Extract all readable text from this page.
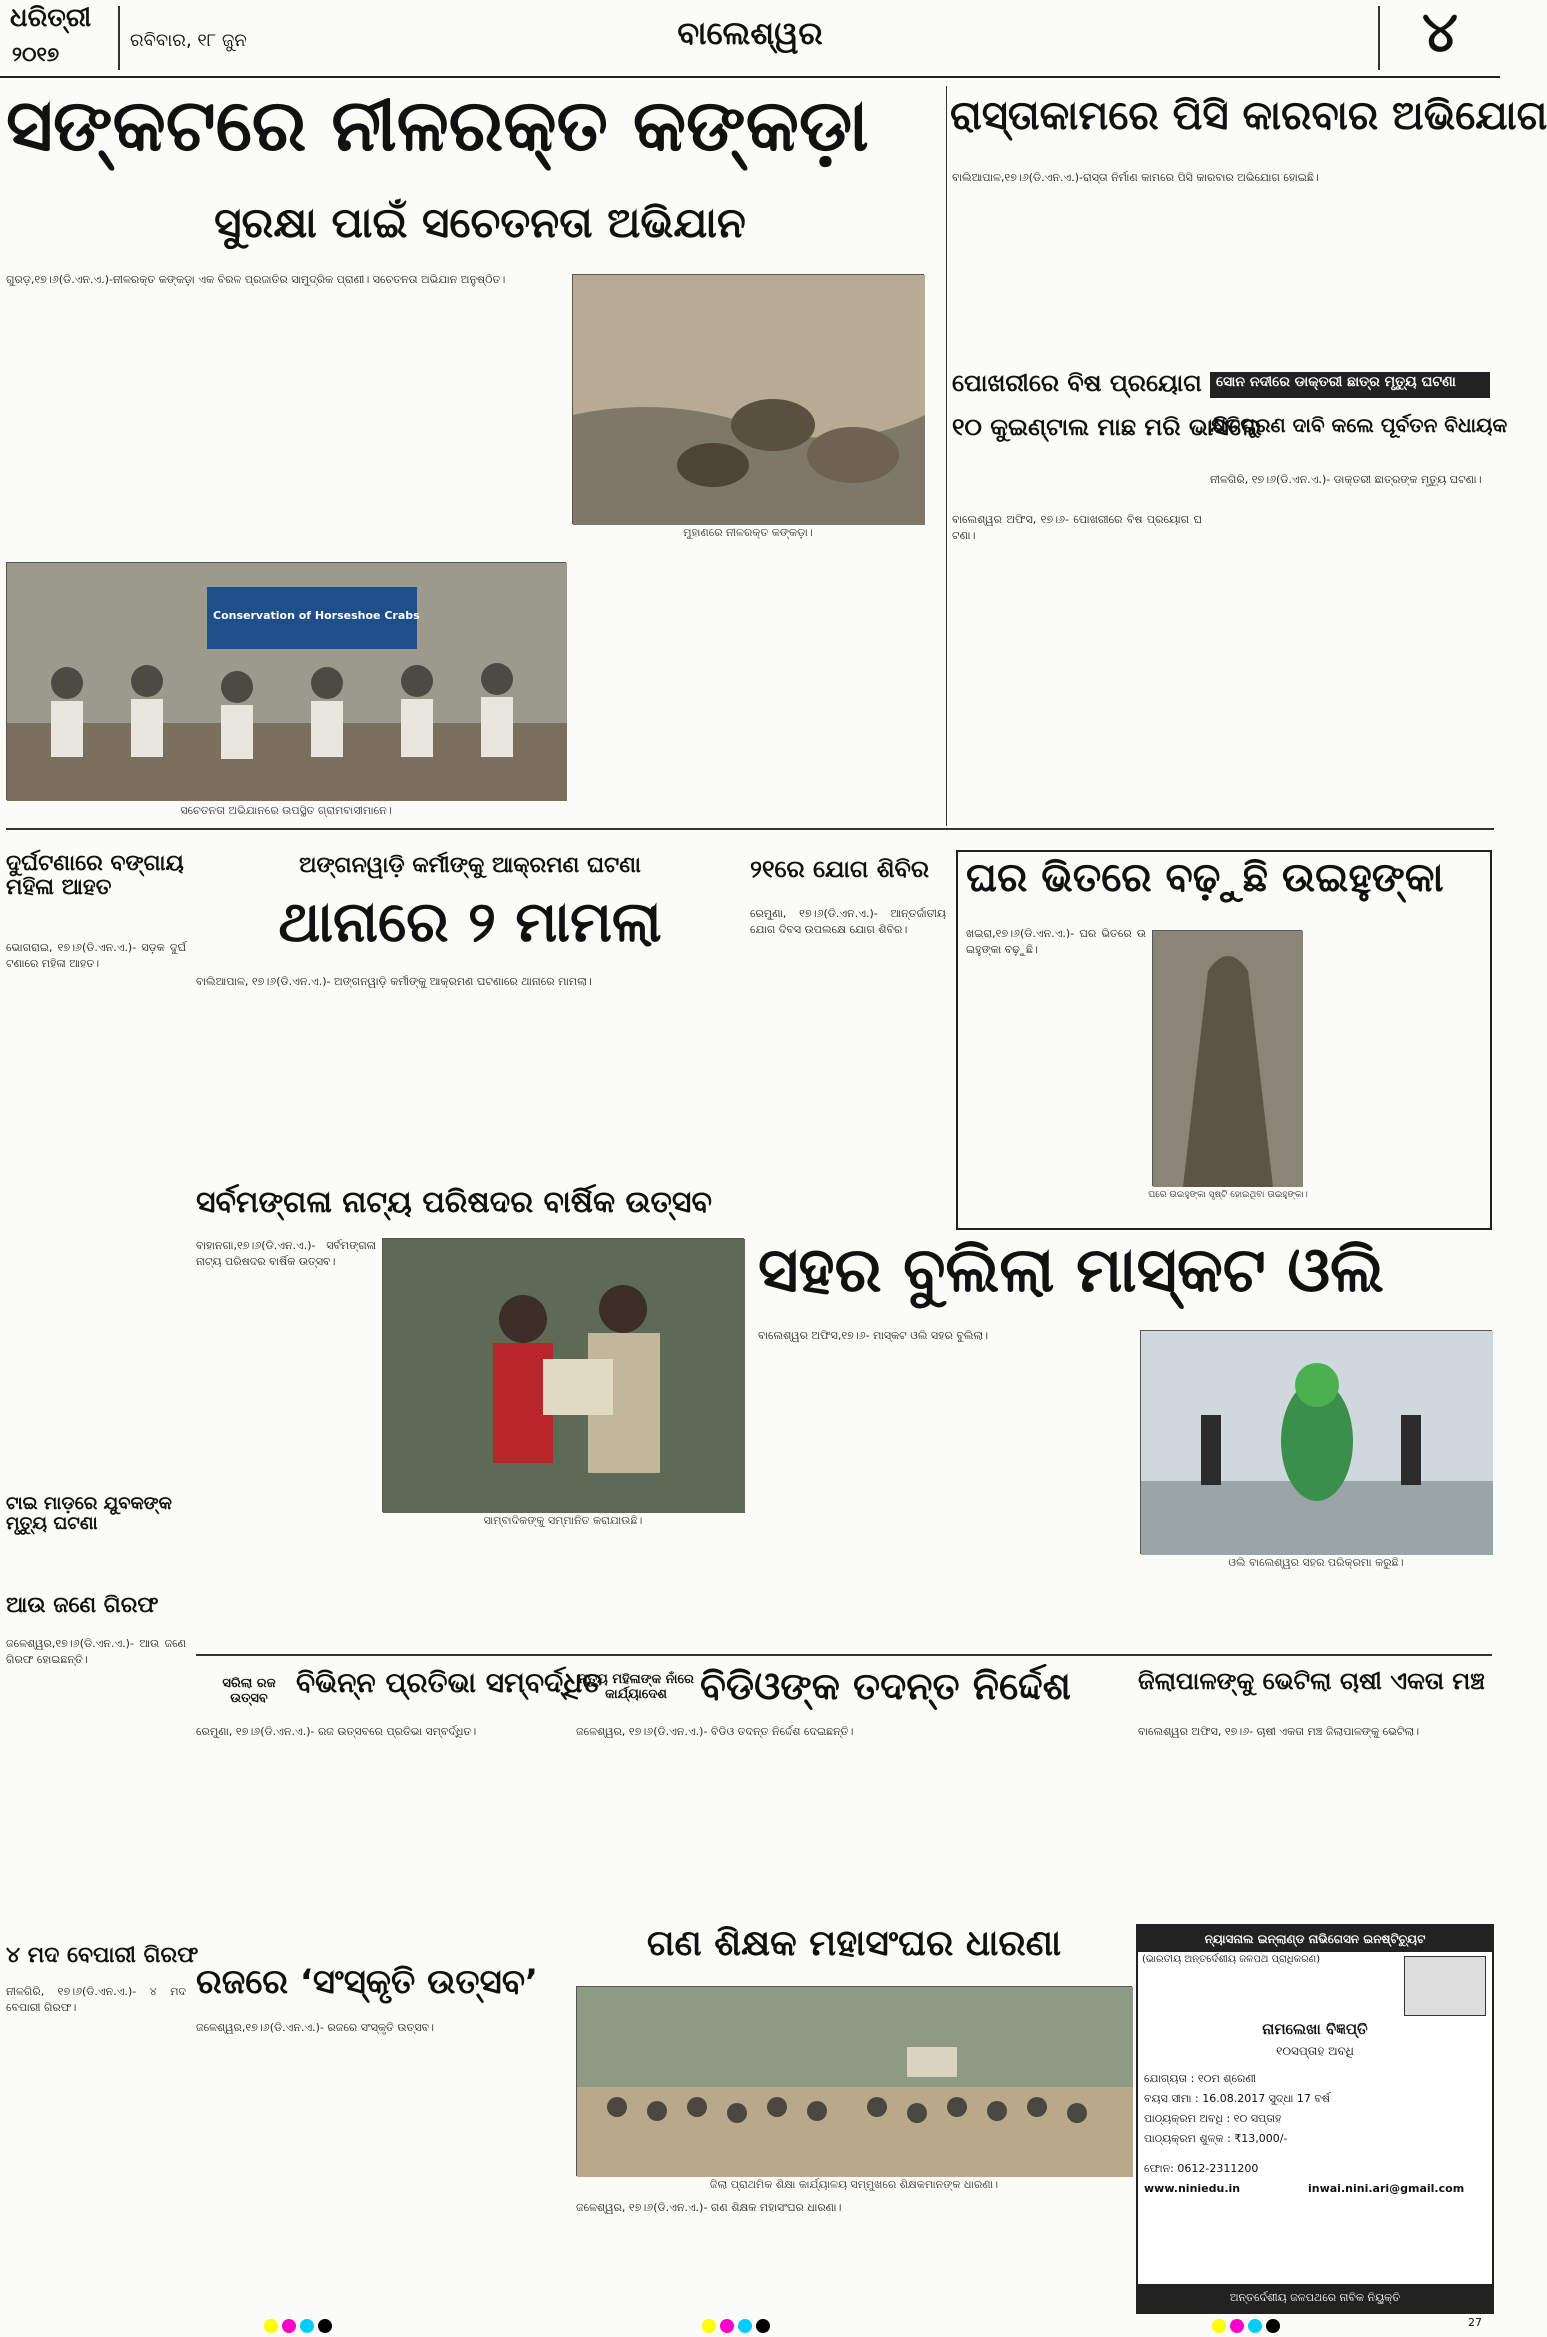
ଧରିତ୍ରୀ
୨୦୧୭
ରବିବାର, ୧୮ ଜୁନ	ବାଲେଶ୍ୱର	୪
ସଙ୍କଟରେ ନୀଳରକ୍ତ କଙ୍କଡ଼ା
ସୁରକ୍ଷା ପାଇଁ ସଚେତନତା ଅଭିଯାନ
ଗୁରଡ଼,୧୭।୬(ଡି.ଏନ.ଏ.)-ନୀଳରକ୍ତ କଙ୍କଡ଼ା ଏକ ବିରଳ ପ୍ରଜାତିର ସାମୁଦ୍ରିକ ପ୍ରାଣୀ। ସଚେତନତା ଅଭିଯାନ ଅନୁଷ୍ଠିତ।
ମୁହାଣରେ ନୀଳରକ୍ତ କଙ୍କଡ଼ା।
Conservation of Horseshoe Crabs
ସଚେତନତା ଅଭିଯାନରେ ଉପସ୍ଥିତ ଗ୍ରାମବାସୀମାନେ।
ରାସ୍ତାକାମରେ ପିସି କାରବାର ଅଭିଯୋଗ
ବାଲିଆପାଳ,୧୭।୬(ଡି.ଏନ.ଏ.)-ରାସ୍ତା ନିର୍ମାଣ କାମରେ ପିସି କାରବାର ଅଭିଯୋଗ ହୋଇଛି।
ପୋଖରୀରେ ବିଷ ପ୍ରୟୋଗ
୧୦ କୁଇଣ୍ଟାଲ ମାଛ ମରି ଭାସିଲେ
ବାଲେଶ୍ୱର ଅଫିସ, ୧୭।୬- ପୋଖରୀରେ ବିଷ ପ୍ରୟୋଗ ଘଟଣା।
ସୋନ ନଦୀରେ ଡାକ୍ତରୀ ଛାତ୍ର ମୃତ୍ୟୁ ଘଟଣା
କ୍ଷତିପୂରଣ ଦାବି କଲେ ପୂର୍ବତନ ବିଧାୟକ
ନୀଳଗିରି, ୧୭।୬(ଡି.ଏନ.ଏ.)- ଡାକ୍ତରୀ ଛାତ୍ରଙ୍କ ମୃତ୍ୟୁ ଘଟଣା।
ଦୁର୍ଘଟଣାରେ ବଙ୍ଗାୟ ମହିଳା ଆହତ
ଭୋଗରାଇ, ୧୭।୬(ଡି.ଏନ.ଏ.)- ସଡ଼କ ଦୁର୍ଘଟଣାରେ ମହିଳା ଆହତ।
ଅଙ୍ଗନୱାଡ଼ି କର୍ମୀଙ୍କୁ ଆକ୍ରମଣ ଘଟଣା
ଥାନାରେ ୨ ମାମଲା
ବାଲିଆପାଳ, ୧୭।୬(ଡି.ଏନ.ଏ.)- ଅଙ୍ଗନୱାଡ଼ି କର୍ମୀଙ୍କୁ ଆକ୍ରମଣ ଘଟଣାରେ ଥାନାରେ ମାମଲା।
୨୧ରେ ଯୋଗ ଶିବିର
ରେମୁଣା, ୧୭।୬(ଡି.ଏନ.ଏ.)- ଆନ୍ତର୍ଜାତୀୟ ଯୋଗ ଦିବସ ଉପଲକ୍ଷେ ଯୋଗ ଶିବିର।
ଘର ଭିତରେ ବଢ଼ୁଛି ଉଇହୁଙ୍କା
ଖଇରା,୧୭।୬(ଡି.ଏନ.ଏ.)- ଘର ଭିତରେ ଉଇହୁଙ୍କା ବଢ଼ୁଛି।
ଘରେ ଉଇହୁଙ୍କା ସୃଷ୍ଟି ହୋଇଥିବା ଉଇହୁଙ୍କା।
ସର୍ବମଙ୍ଗଳା ନାଟ୍ୟ ପରିଷଦର ବାର୍ଷିକ ଉତ୍ସବ
ବାହାନଗା,୧୭।୬(ଡି.ଏନ.ଏ.)- ସର୍ବମଙ୍ଗଳା ନାଟ୍ୟ ପରିଷଦର ବାର୍ଷିକ ଉତ୍ସବ।
ସାମ୍ବାଦିକଙ୍କୁ ସମ୍ମାନିତ କରାଯାଉଛି।
ସହର ବୁଲିଲା ମାସ୍କଟ ଓଲି
ବାଲେଶ୍ୱର ଅଫିସ,୧୭।୬- ମାସ୍କଟ ଓଲି ସହର ବୁଲିଲା।
ଓଲି ବାଲେଶ୍ୱର ସହର ପରିକ୍ରମା କରୁଛି।
ଟାଇ ମାଡ଼ରେ ଯୁବକଙ୍କ ମୃତ୍ୟୁ ଘଟଣା
ଆଉ ଜଣେ ଗିରଫ
ଜଳେଶ୍ୱର,୧୭।୬(ଡି.ଏନ.ଏ.)- ଆଉ ଜଣେ ଗିରଫ ହୋଇଛନ୍ତି।
ସରିଲା ରଜ ଉତ୍ସବ	ବିଭିନ୍ନ ପ୍ରତିଭା ସମ୍ବର୍ଦ୍ଧିତ
ରେମୁଣା, ୧୭।୬(ଡି.ଏନ.ଏ.)- ରଜ ଉତ୍ସବରେ ପ୍ରତିଭା ସମ୍ବର୍ଦ୍ଧିତ।
ମୃତ୍ୟୁ ମହିଳାଙ୍କ ନାଁରେ କାର୍ଯ୍ୟାଦେଶ ବିଡିଓଙ୍କ ତଦନ୍ତ ନିର୍ଦ୍ଦେଶ
ଜଳେଶ୍ୱର, ୧୭।୬(ଡି.ଏନ.ଏ.)- ବିଡିଓ ତଦନ୍ତ ନିର୍ଦ୍ଦେଶ ଦେଇଛନ୍ତି।
ଜିଲାପାଳଙ୍କୁ ଭେଟିଲା ଚାଷୀ ଏକତା ମଞ୍ଚ
ବାଲେଶ୍ୱର ଅଫିସ, ୧୭।୬- ଚାଷୀ ଏକତା ମଞ୍ଚ ଜିଲାପାଳଙ୍କୁ ଭେଟିଲା।
ଗଣ ଶିକ୍ଷକ ମହାସଂଘର ଧାରଣା
ଜିଲା ପ୍ରାଥମିକ ଶିକ୍ଷା କାର୍ଯ୍ୟାଳୟ ସମ୍ମୁଖରେ ଶିକ୍ଷକମାନଙ୍କ ଧାରଣା।
ଜଳେଶ୍ୱର, ୧୭।୬(ଡି.ଏନ.ଏ.)- ଗଣ ଶିକ୍ଷକ ମହାସଂଘର ଧାରଣା।
୪ ମଦ ବେପାରୀ ଗିରଫ
ନୀଳଗିରି, ୧୭।୬(ଡି.ଏନ.ଏ.)- ୪ ମଦ ବେପାରୀ ଗିରଫ।
ରଜରେ ‘ସଂସ୍କୃତି ଉତ୍ସବ’
ଜଳେଶ୍ୱର,୧୭।୬(ଡି.ଏନ.ଏ.)- ରଜରେ ସଂସ୍କୃତି ଉତ୍ସବ।
ନ୍ୟାସନାଲ ଇନ୍ଲାଣ୍ଡ ନାଭିଗେସନ ଇନଷ୍ଟିଚ୍ୟୁଟ
(ଭାରତୀୟ ଅନ୍ତର୍ଦେଶୀୟ ଜଳପଥ ପ୍ରାଧିକରଣ)
ନାମଲେଖା ବିଜ୍ଞପ୍ତି
୧୦ସପ୍ତାହ ଅବଧି
ଯୋଗ୍ୟତା : ୧୦ମ ଶ୍ରେଣୀ
ବୟସ ସୀମା : 16.08.2017 ସୁଦ୍ଧା 17 ବର୍ଷ
ପାଠ୍ୟକ୍ରମ ଅବଧି : ୧୦ ସପ୍ତାହ
ପାଠ୍ୟକ୍ରମ ଶୁଳ୍କ : ₹13,000/-
ଫୋନ: 0612-2311200
www.niniedu.in	inwai.nini.ari@gmail.com
ଅନ୍ତର୍ଦେଶୀୟ ଜଳପଥରେ ନାବିକ ନିୟୁକ୍ତି
27
